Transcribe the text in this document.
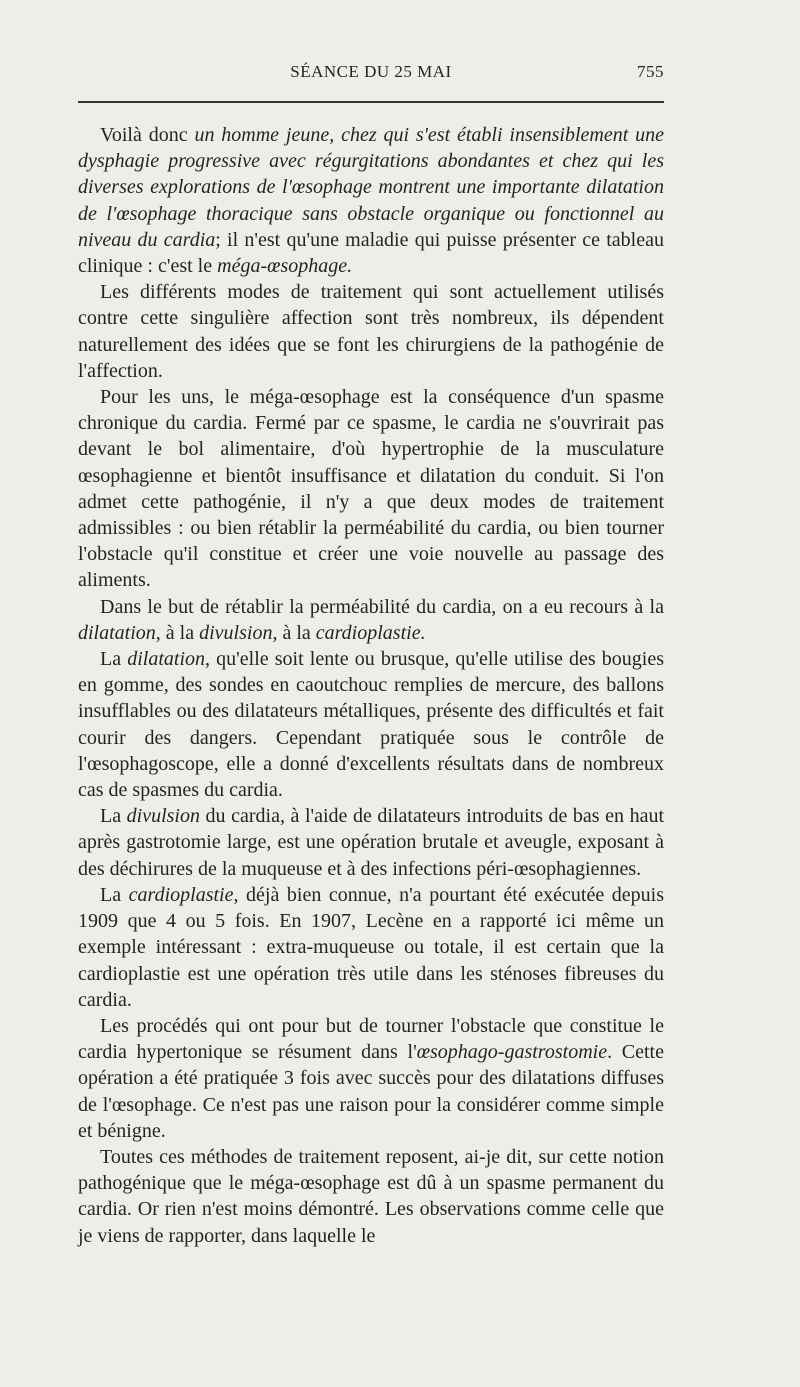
SÉANCE DU 25 MAI	755

Voilà donc un homme jeune, chez qui s'est établi insensiblement une dysphagie progressive avec régurgitations abondantes et chez qui les diverses explorations de l'œsophage montrent une importante dilatation de l'œsophage thoracique sans obstacle organique ou fonctionnel au niveau du cardia; il n'est qu'une maladie qui puisse présenter ce tableau clinique : c'est le méga-œsophage.

Les différents modes de traitement qui sont actuellement utilisés contre cette singulière affection sont très nombreux, ils dépendent naturellement des idées que se font les chirurgiens de la pathogénie de l'affection.

Pour les uns, le méga-œsophage est la conséquence d'un spasme chronique du cardia. Fermé par ce spasme, le cardia ne s'ouvrirait pas devant le bol alimentaire, d'où hypertrophie de la musculature œsophagienne et bientôt insuffisance et dilatation du conduit. Si l'on admet cette pathogénie, il n'y a que deux modes de traitement admissibles : ou bien rétablir la perméabilité du cardia, ou bien tourner l'obstacle qu'il constitue et créer une voie nouvelle au passage des aliments.

Dans le but de rétablir la perméabilité du cardia, on a eu recours à la dilatation, à la divulsion, à la cardioplastie.

La dilatation, qu'elle soit lente ou brusque, qu'elle utilise des bougies en gomme, des sondes en caoutchouc remplies de mercure, des ballons insufflables ou des dilatateurs métalliques, présente des difficultés et fait courir des dangers. Cependant pratiquée sous le contrôle de l'œsophagoscope, elle a donné d'excellents résultats dans de nombreux cas de spasmes du cardia.

La divulsion du cardia, à l'aide de dilatateurs introduits de bas en haut après gastrotomie large, est une opération brutale et aveugle, exposant à des déchirures de la muqueuse et à des infections péri-œsophagiennes.

La cardioplastie, déjà bien connue, n'a pourtant été exécutée depuis 1909 que 4 ou 5 fois. En 1907, Lecène en a rapporté ici même un exemple intéressant : extra-muqueuse ou totale, il est certain que la cardioplastie est une opération très utile dans les sténoses fibreuses du cardia.

Les procédés qui ont pour but de tourner l'obstacle que constitue le cardia hypertonique se résument dans l'œsophago-gastrostomie. Cette opération a été pratiquée 3 fois avec succès pour des dilatations diffuses de l'œsophage. Ce n'est pas une raison pour la considérer comme simple et bénigne.

Toutes ces méthodes de traitement reposent, ai-je dit, sur cette notion pathogénique que le méga-œsophage est dû à un spasme permanent du cardia. Or rien n'est moins démontré. Les observations comme celle que je viens de rapporter, dans laquelle le
